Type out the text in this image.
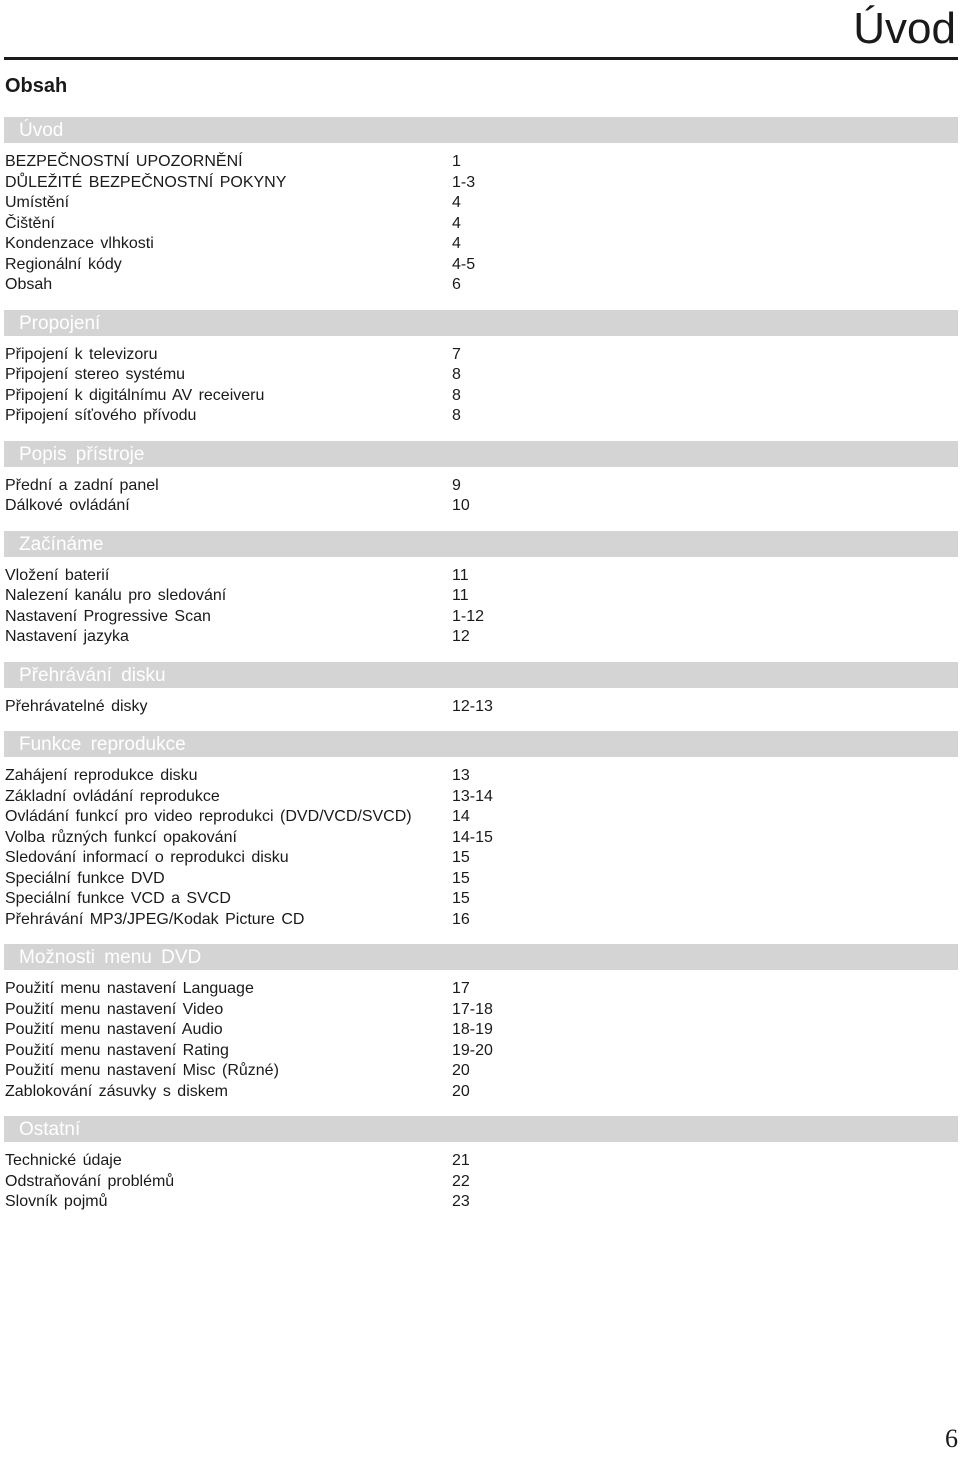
Úvod
Obsah
Úvod
BEZPEČNOSTNÍ UPOZORNĚNÍ	1
DŮLEŽITÉ BEZPEČNOSTNÍ POKYNY	1-3
Umístění	4
Čištění	4
Kondenzace vlhkosti	4
Regionální kódy	4-5
Obsah	6
Propojení
Připojení k televizoru	7
Připojení stereo systému	8
Připojení k digitálnímu AV receiveru	8
Připojení síťového přívodu	8
Popis přístroje
Přední a zadní panel	9
Dálkové ovládání	10
Začínáme
Vložení baterií	11
Nalezení kanálu pro sledování	11
Nastavení Progressive Scan	1-12
Nastavení jazyka	12
Přehrávání disku
Přehrávatelné disky	12-13
Funkce reprodukce
Zahájení reprodukce disku	13
Základní ovládání reprodukce	13-14
Ovládání funkcí pro video reprodukci (DVD/VCD/SVCD)	14
Volba různých funkcí opakování	14-15
Sledování informací o reprodukci disku	15
Speciální funkce DVD	15
Speciální funkce VCD a SVCD	15
Přehrávání MP3/JPEG/Kodak Picture CD	16
Možnosti menu DVD
Použití menu nastavení Language	17
Použití menu nastavení Video	17-18
Použití menu nastavení Audio	18-19
Použití menu nastavení Rating	19-20
Použití menu nastavení Misc (Různé)	20
Zablokování zásuvky s diskem	20
Ostatní
Technické údaje	21
Odstraňování problémů	22
Slovník pojmů	23
6
